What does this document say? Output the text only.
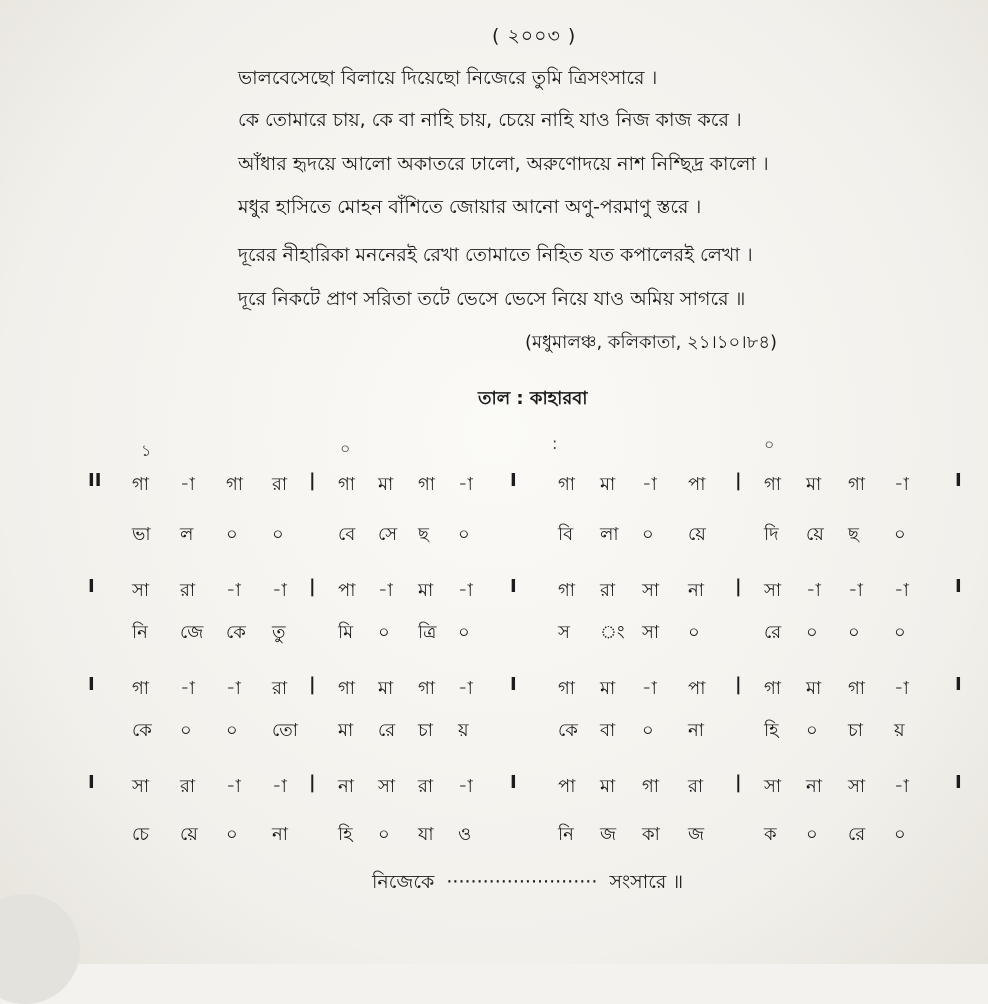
( ২০০৩ )
ভালবেসেছো বিলায়ে দিয়েছো নিজেরে তুমি ত্রিসংসারে ।
কে তোমারে চায়, কে বা নাহি চায়, চেয়ে নাহি যাও নিজ কাজ করে ।
আঁধার হৃদয়ে আলো অকাতরে ঢালো, অরুণোদয়ে নাশ নিশ্ছিদ্র কালো ।
মধুর হাসিতে মোহন বাঁশিতে জোয়ার আনো অণু-পরমাণু স্তরে ।
দূরের নীহারিকা মননেরই রেখা তোমাতে নিহিত যত কপালেরই লেখা ।
দূরে নিকটে প্রাণ সরিতা তটে ভেসে ভেসে নিয়ে যাও অমিয় সাগরে ॥
(মধুমালঞ্চ, কলিকাতা, ২১।১০।৮৪)
তাল : কাহারবা
১	০	:	০
II গা -া গা রা | গা মা গা -া I গা মা -া পা | গা মা গা -া	I
ভা ল ০ ০	বে সে ছ ০	বি লা ০ য়ে	দি য়ে ছ ০
I সা রা -া -া | পা -া মা -া I গা রা সা না | সা -া -া -া	I
নি জে কে তু	মি ০ ত্রি ০	স ং সা ০	রে ০ ০ ০
I গা -া -া রা | গা মা গা -া I গা মা -া পা | গা মা গা -া	I
কে ০ ০ তো মা রে চা য়	কে বা ০ না	হি ০ চা য়
I সা রা -া -া | না সা রা -া I পা মা গা রা | সা না সা -া	I
চে য়ে ০ না	হি ০ যা ও	নি জ কা জ	ক ০ রে ০
নিজেকে ························· সংসারে ॥
